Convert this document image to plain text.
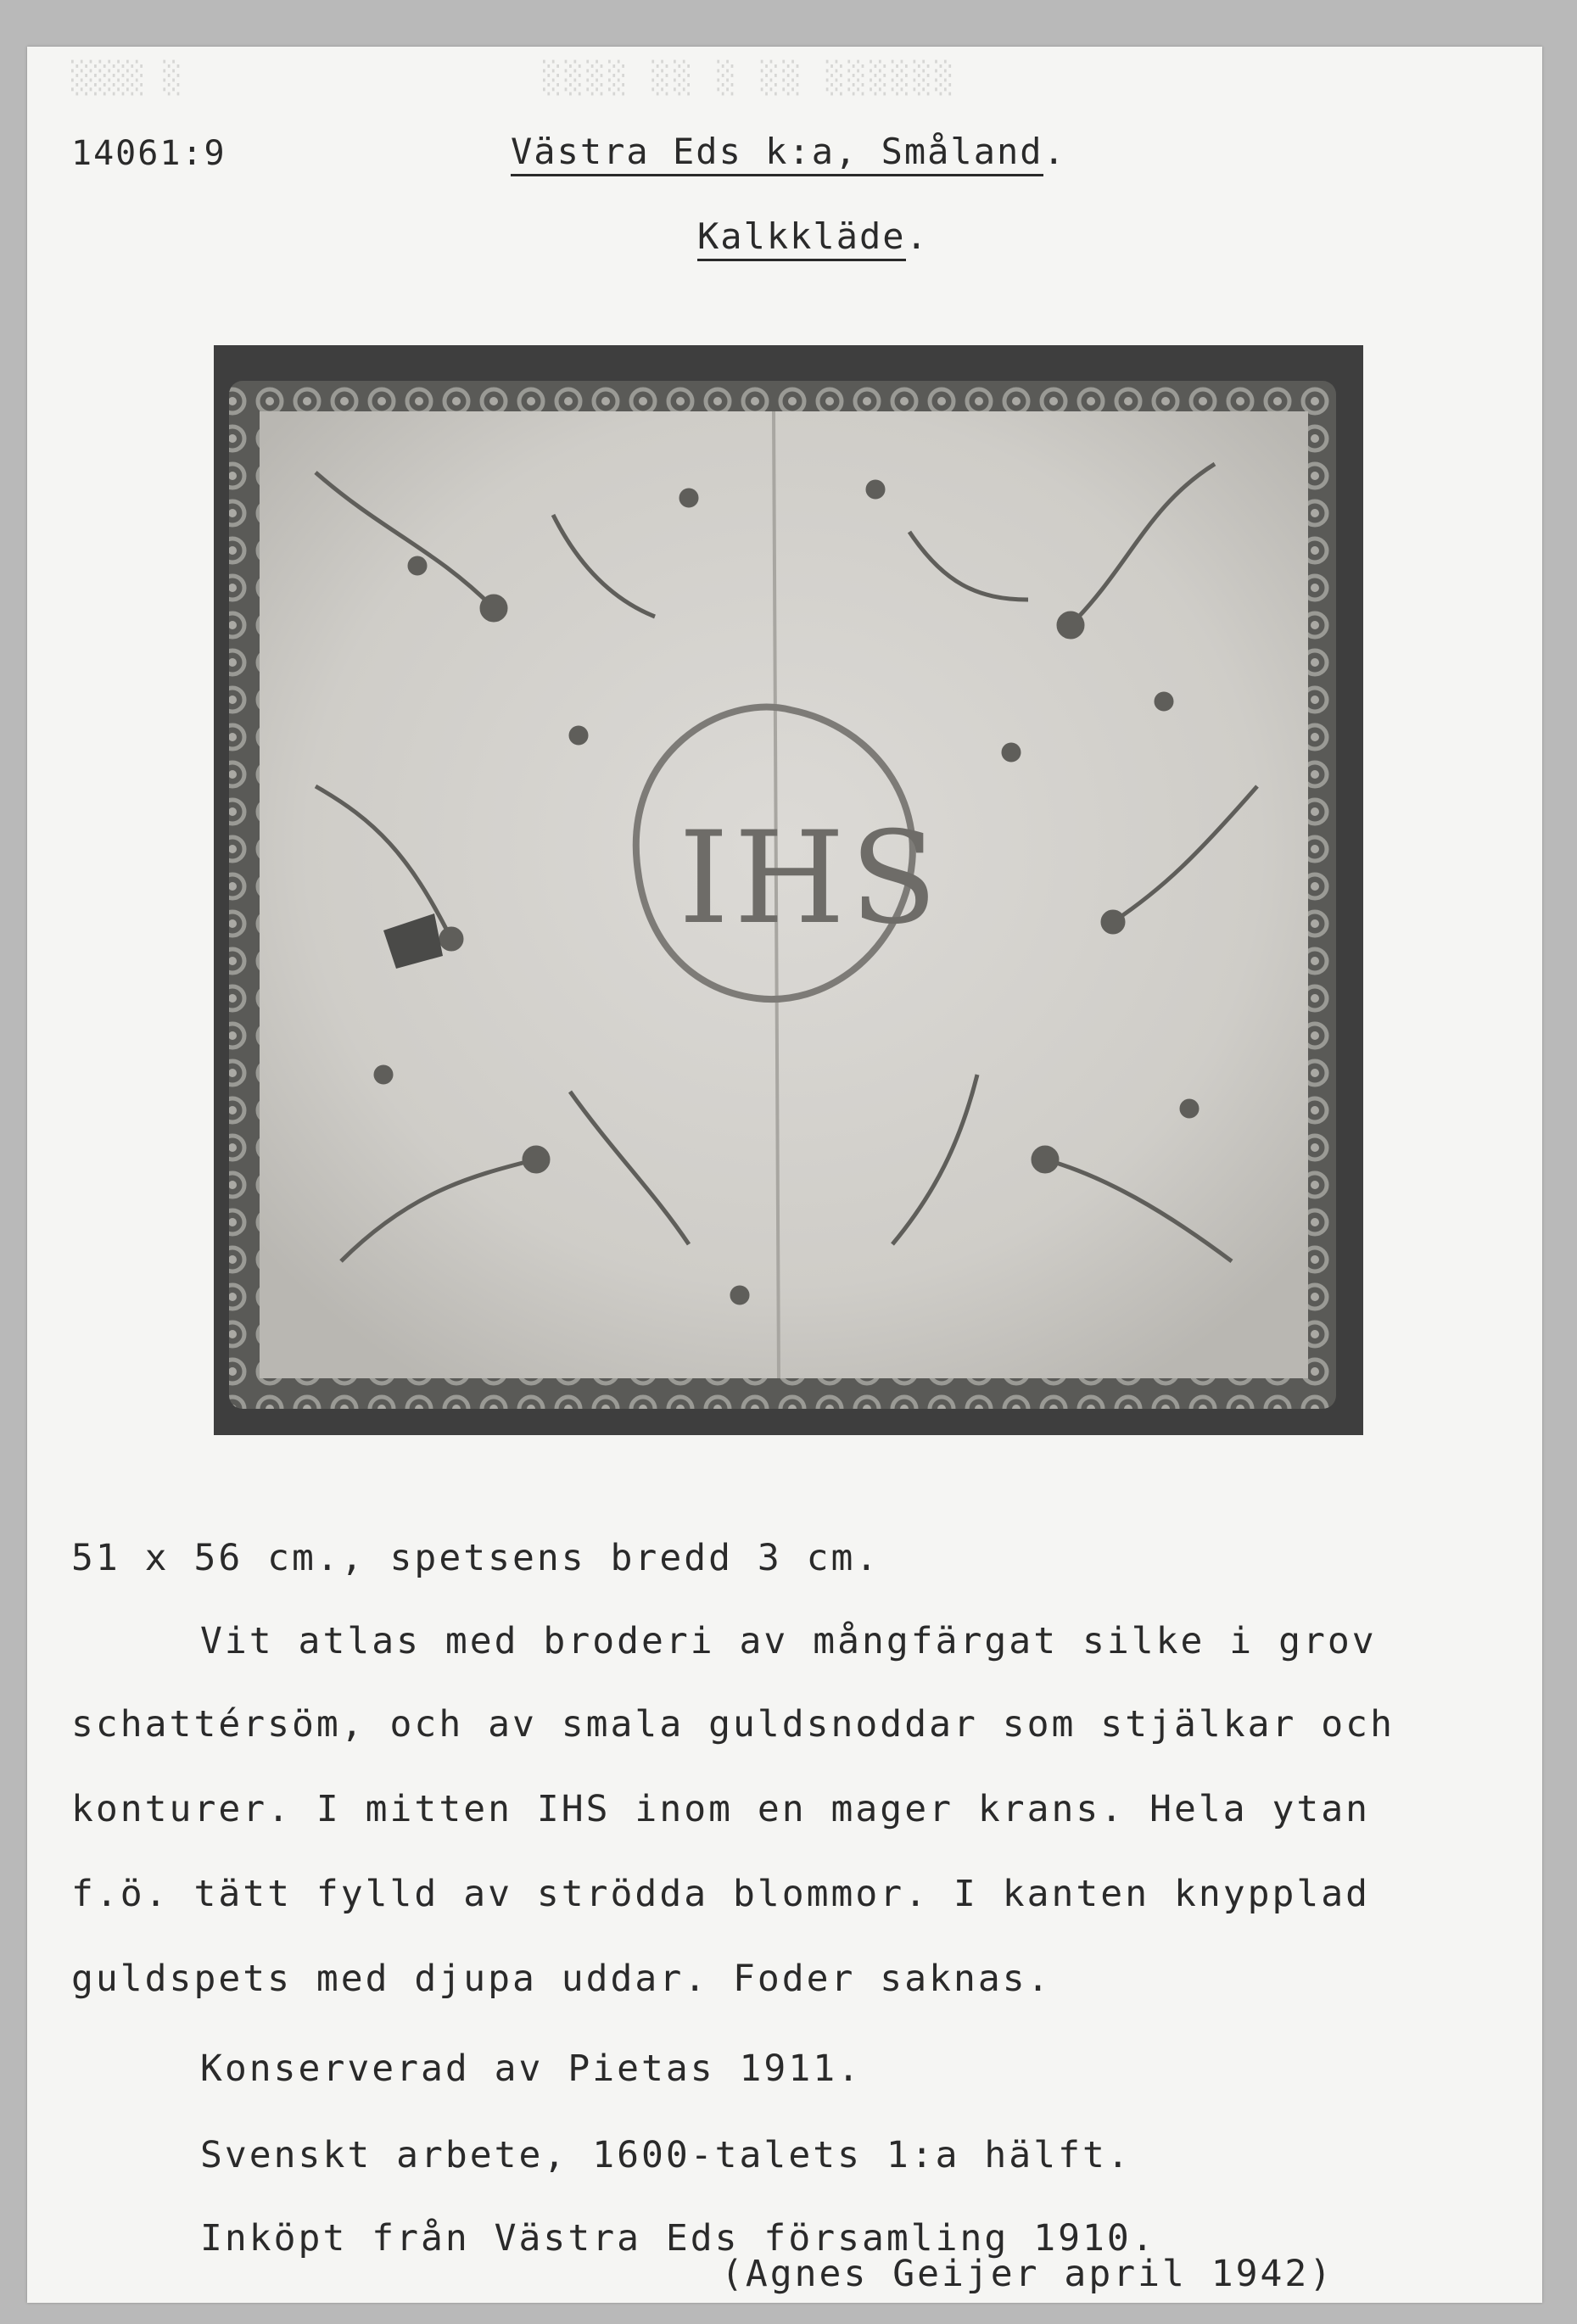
░░░░ ░	░░░░ ░░ ░ ░░ ░░░░░░
14061:9	Västra Eds k:a, Småland.
Kalkkläde.
IHS
51 x 56 cm., spetsens bredd 3 cm.
Vit atlas med broderi av mångfärgat silke i grov
schattérsöm, och av smala guldsnoddar som stjälkar och
konturer. I mitten IHS inom en mager krans. Hela ytan
f.ö. tätt fylld av strödda blommor. I kanten knypplad
guldspets med djupa uddar. Foder saknas.
Konserverad av Pietas 1911.
Svenskt arbete, 1600-talets 1:a hälft.
Inköpt från Västra Eds församling 1910.
(Agnes Geijer april 1942)
